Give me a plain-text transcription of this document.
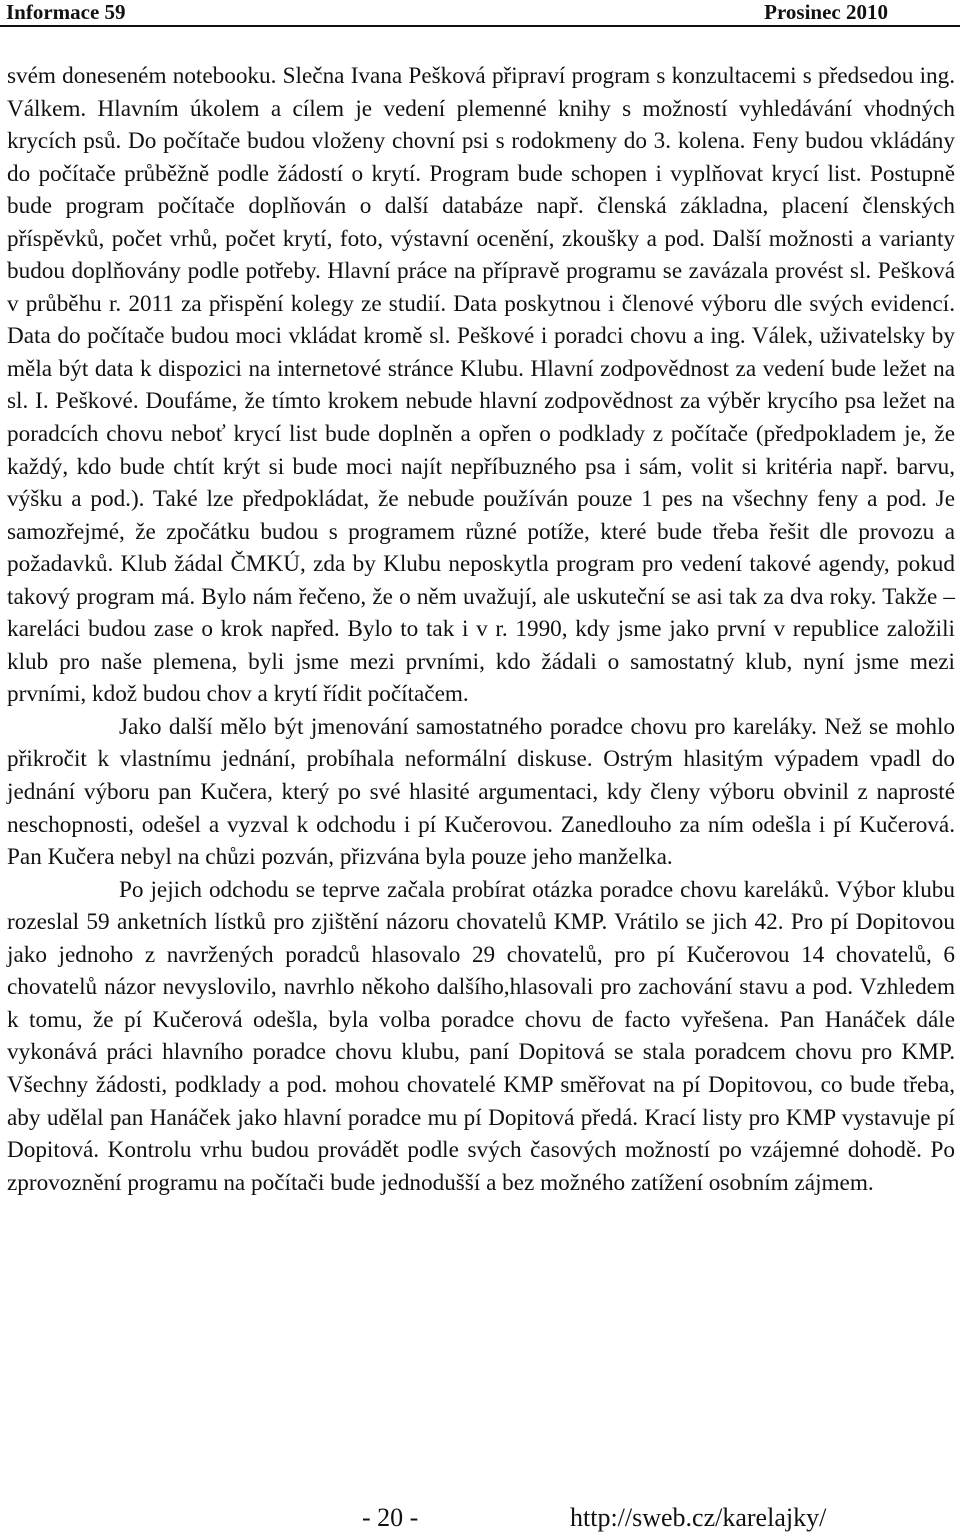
Informace 59	Prosinec 2010

svém doneseném notebooku. Slečna Ivana Pešková připraví program s konzultacemi s předsedou ing. Válkem. Hlavním úkolem a cílem je vedení plemenné knihy s možností vyhledávání vhodných krycích psů. Do počítače budou vloženy chovní psi s rodokmeny do 3. kolena. Feny budou vkládány do počítače průběžně podle žádostí o krytí. Program bude schopen i vyplňovat krycí list. Postupně bude program počítače doplňován o další databáze např. členská základna, placení členských příspěvků, počet vrhů, počet krytí, foto, výstavní ocenění, zkoušky a pod. Další možnosti a varianty budou doplňovány podle potřeby. Hlavní práce na přípravě programu se zavázala provést sl. Pešková v průběhu r. 2011 za přispění kolegy ze studií. Data poskytnou i členové výboru dle svých evidencí. Data do počítače budou moci vkládat kromě sl. Peškové i poradci chovu a ing. Válek, uživatelsky by měla být data k dispozici na internetové stránce Klubu. Hlavní zodpovědnost za vedení bude ležet na sl. I. Peškové. Doufáme, že tímto krokem nebude hlavní zodpovědnost za výběr krycího psa ležet na poradcích chovu neboť krycí list bude doplněn a opřen o podklady z počítače (předpokladem je, že každý, kdo bude chtít krýt si bude moci najít nepříbuzného psa i sám, volit si kritéria např. barvu, výšku a pod.). Také lze předpokládat, že nebude používán pouze 1 pes na všechny feny a pod. Je samozřejmé, že zpočátku budou s programem různé potíže, které bude třeba řešit dle provozu a požadavků. Klub žádal ČMKÚ, zda by Klubu neposkytla program pro vedení takové agendy, pokud takový program má. Bylo nám řečeno, že o něm uvažují, ale uskuteční se asi tak za dva roky. Takže – kareláci budou zase o krok napřed. Bylo to tak i v r. 1990, kdy jsme jako první v republice založili klub pro naše plemena, byli jsme mezi prvními, kdo žádali o samostatný klub, nyní jsme mezi prvními, kdož budou chov a krytí řídit počítačem.

Jako další mělo být jmenování samostatného poradce chovu pro kareláky. Než se mohlo přikročit k vlastnímu jednání, probíhala neformální diskuse. Ostrým hlasitým výpadem vpadl do jednání výboru pan Kučera, který po své hlasité argumentaci, kdy členy výboru obvinil z naprosté neschopnosti, odešel a vyzval k odchodu i pí Kučerovou. Zanedlouho za ním odešla i pí Kučerová. Pan Kučera nebyl na chůzi pozván, přizvána byla pouze jeho manželka.

Po jejich odchodu se teprve začala probírat otázka poradce chovu kareláků. Výbor klubu rozeslal 59 anketních lístků pro zjištění názoru chovatelů KMP. Vrátilo se jich 42. Pro pí Dopitovou jako jednoho z navržených poradců hlasovalo 29 chovatelů, pro pí Kučerovou 14 chovatelů, 6 chovatelů názor nevyslovilo, navrhlo někoho dalšího,hlasovali pro zachování stavu a pod. Vzhledem k tomu, že pí Kučerová odešla, byla volba poradce chovu de facto vyřešena. Pan Hanáček dále vykonává práci hlavního poradce chovu klubu, paní Dopitová se stala poradcem chovu pro KMP. Všechny žádosti, podklady a pod. mohou chovatelé KMP směřovat na pí Dopitovou, co bude třeba, aby udělal pan Hanáček jako hlavní poradce mu pí Dopitová předá. Krací listy pro KMP vystavuje pí Dopitová. Kontrolu vrhu budou provádět podle svých časových možností po vzájemné dohodě. Po zprovoznění programu na počítači bude jednodušší a bez možného zatížení osobním zájmem.

- 20 -	http://sweb.cz/karelajky/
